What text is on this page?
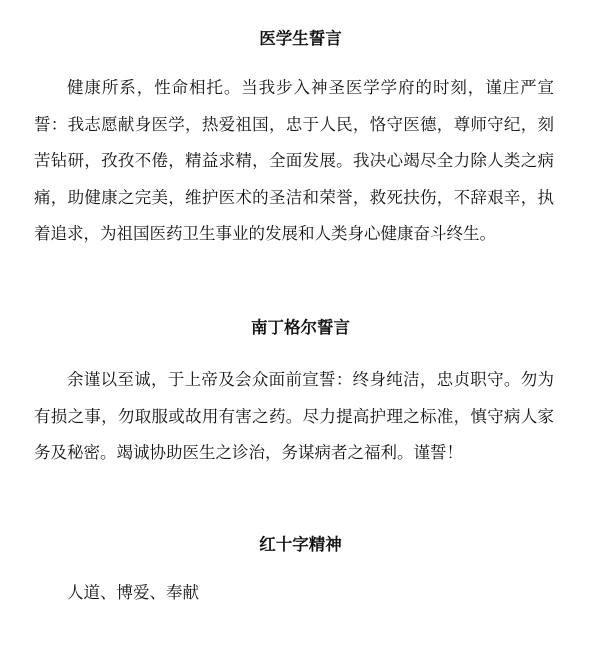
医学生誓言

健康所系，性命相托。当我步入神圣医学学府的时刻，谨庄严宣誓：我志愿献身医学，热爱祖国，忠于人民，恪守医德，尊师守纪，刻苦钻研，孜孜不倦，精益求精，全面发展。我决心竭尽全力除人类之病痛，助健康之完美，维护医术的圣洁和荣誉，救死扶伤，不辞艰辛，执着追求，为祖国医药卫生事业的发展和人类身心健康奋斗终生。

南丁格尔誓言

余谨以至诚，于上帝及会众面前宣誓：终身纯洁，忠贞职守。勿为有损之事，勿取服或故用有害之药。尽力提高护理之标准，慎守病人家务及秘密。竭诚协助医生之诊治，务谋病者之福利。谨誓！

红十字精神

人道、博爱、奉献
